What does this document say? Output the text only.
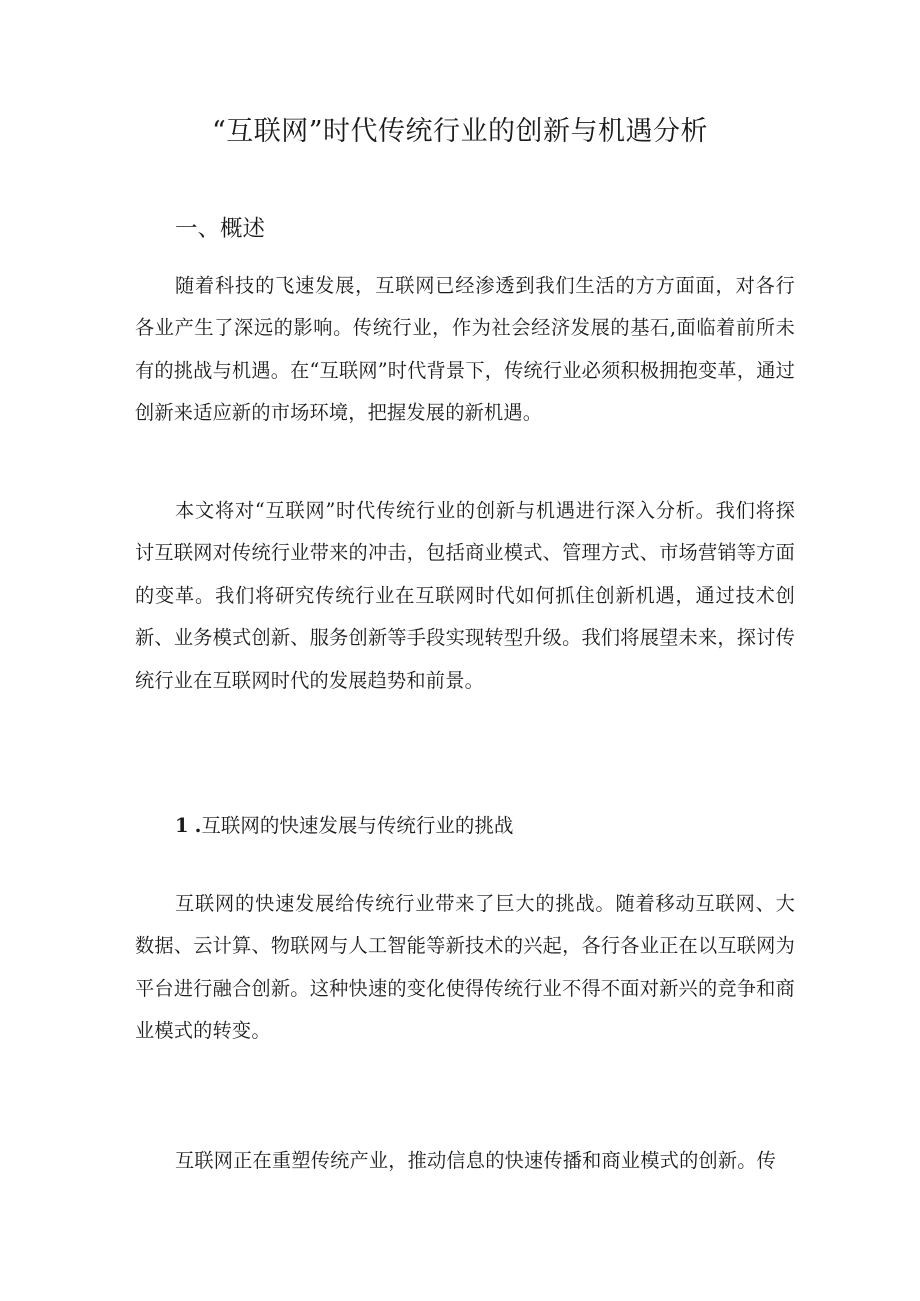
“互联网”时代传统行业的创新与机遇分析
一、概述

随着科技的飞速发展，互联网已经渗透到我们生活的方方面面，对各行各业产生了深远的影响。传统行业，作为社会经济发展的基石,面临着前所未有的挑战与机遇。在“互联网”时代背景下，传统行业必须积极拥抱变革，通过创新来适应新的市场环境，把握发展的新机遇。

本文将对“互联网”时代传统行业的创新与机遇进行深入分析。我们将探讨互联网对传统行业带来的冲击，包括商业模式、管理方式、市场营销等方面的变革。我们将研究传统行业在互联网时代如何抓住创新机遇，通过技术创新、业务模式创新、服务创新等手段实现转型升级。我们将展望未来，探讨传统行业在互联网时代的发展趋势和前景。

1 .互联网的快速发展与传统行业的挑战

互联网的快速发展给传统行业带来了巨大的挑战。随着移动互联网、大数据、云计算、物联网与人工智能等新技术的兴起，各行各业正在以互联网为平台进行融合创新。这种快速的变化使得传统行业不得不面对新兴的竞争和商业模式的转变。

互联网正在重塑传统产业，推动信息的快速传播和商业模式的创新。传
